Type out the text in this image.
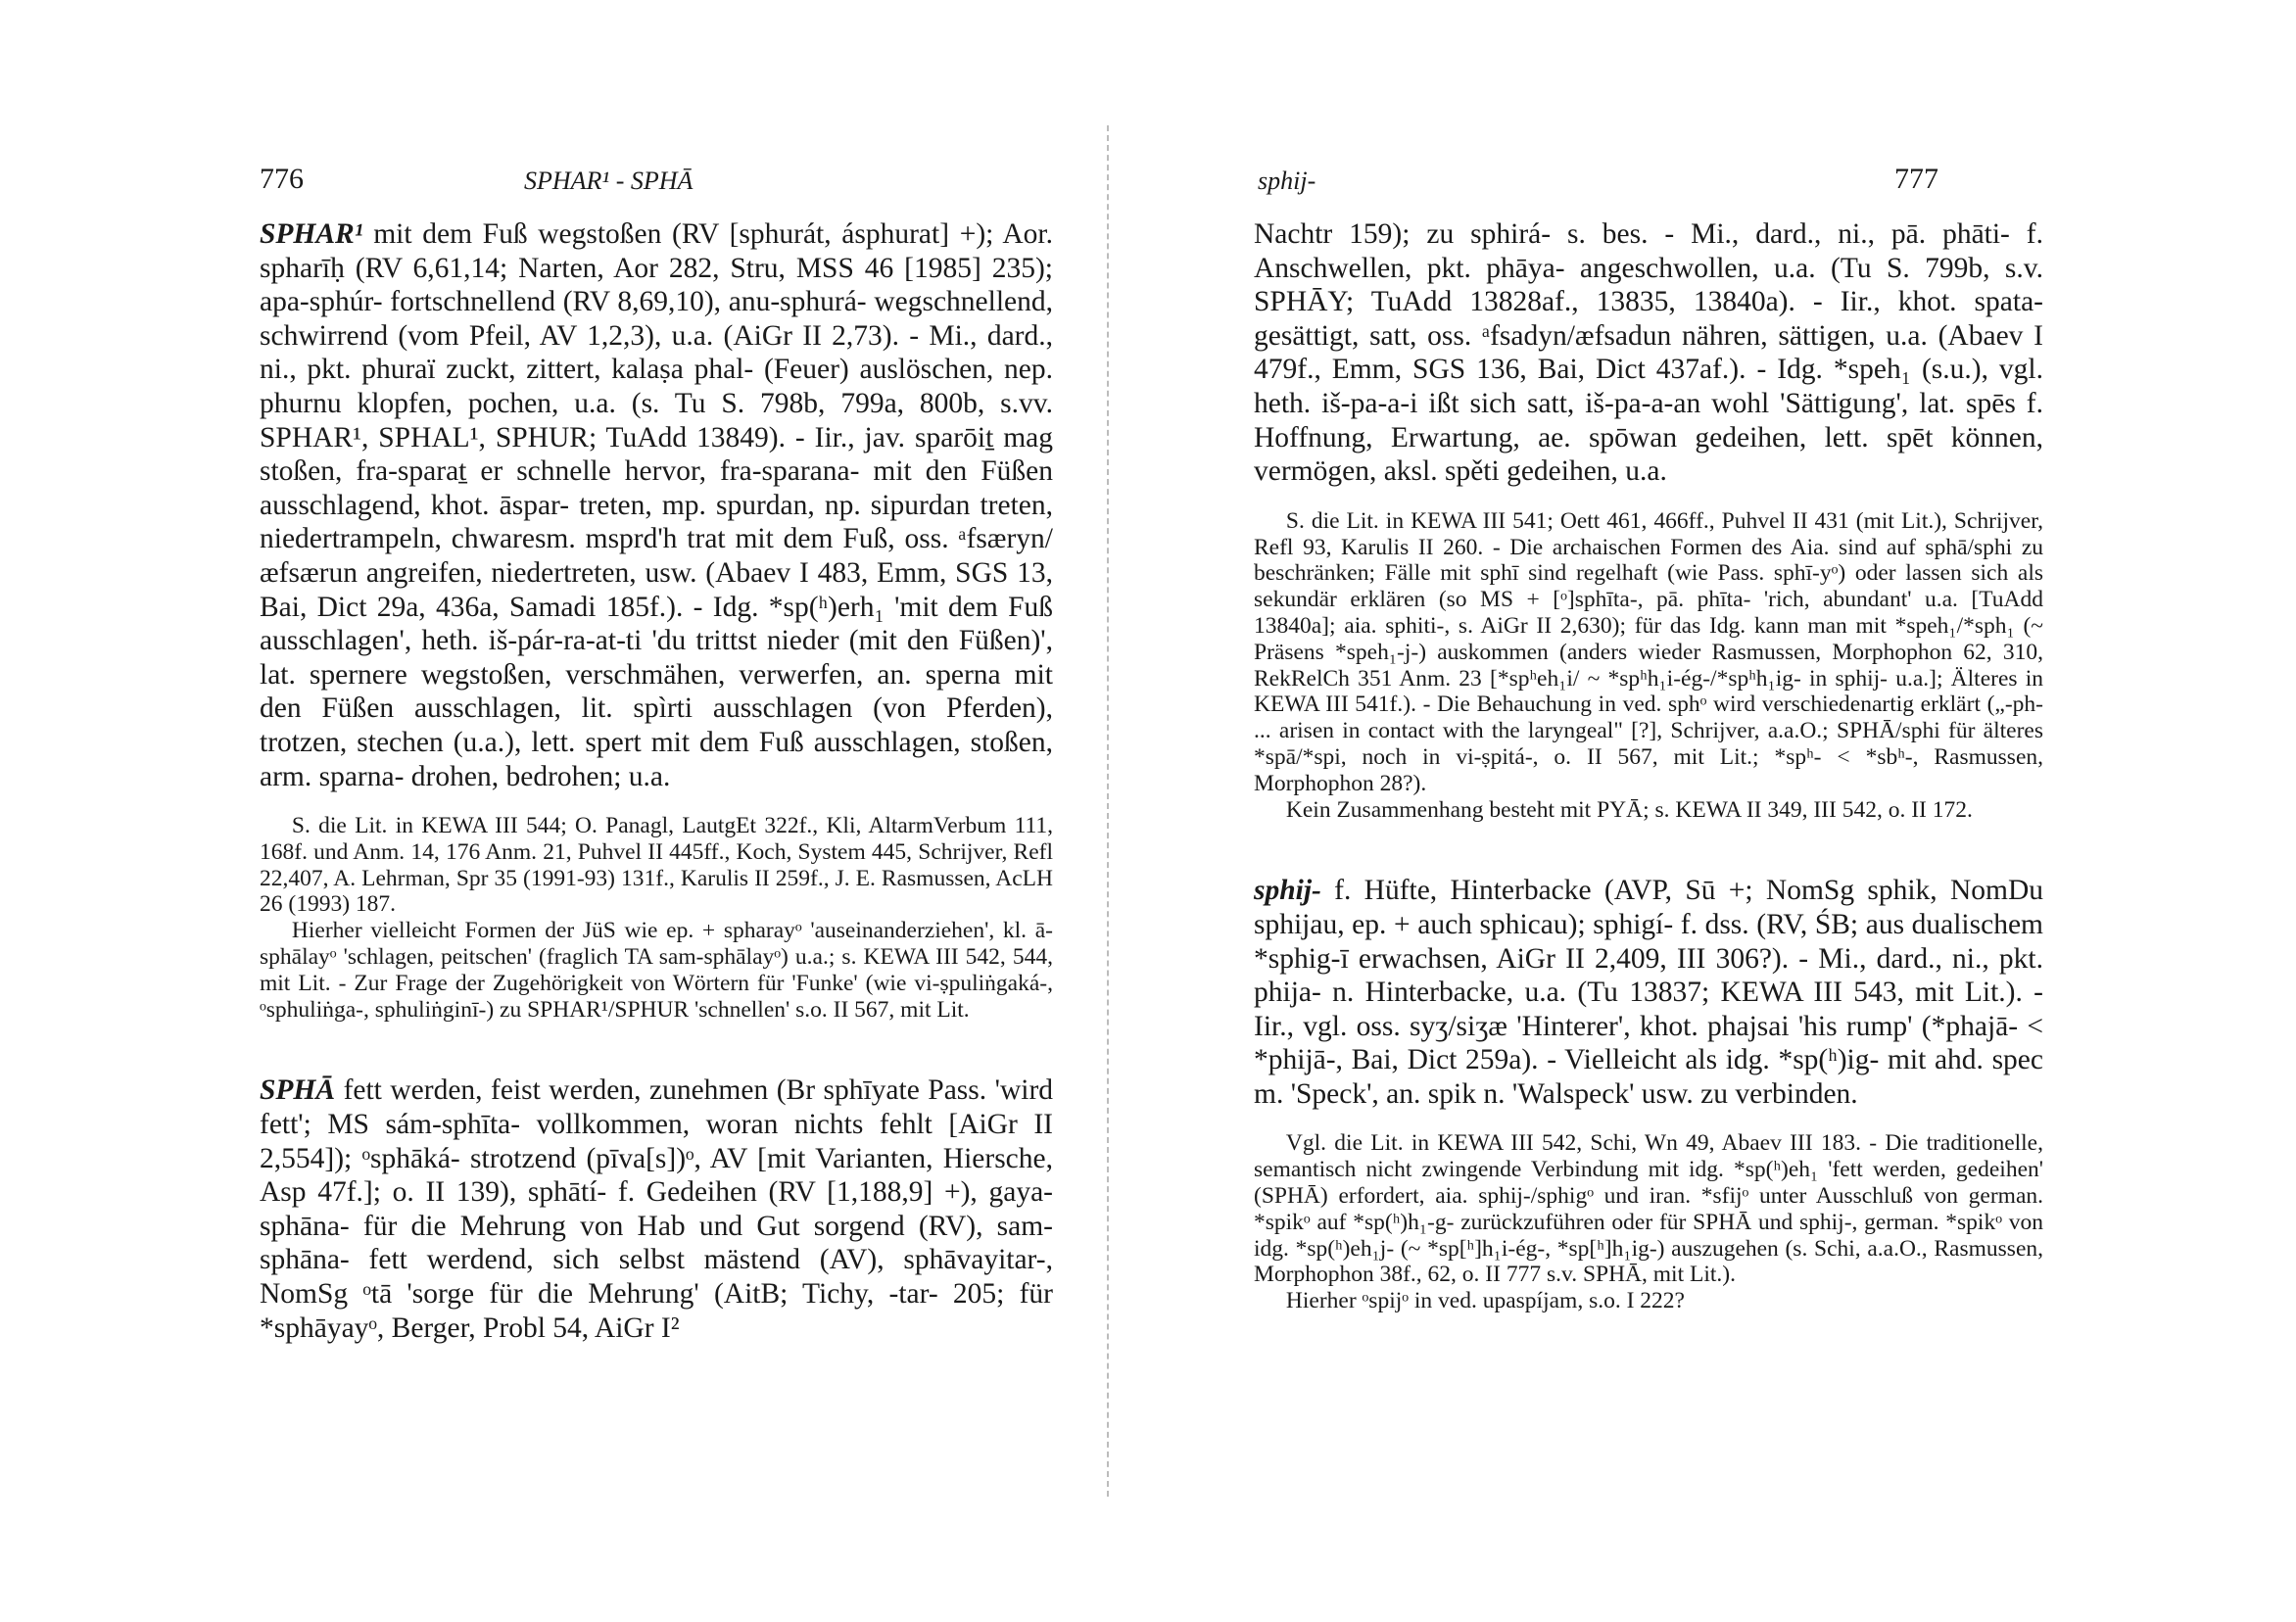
776	SPHAR¹ - SPHĀ

SPHAR¹ mit dem Fuß wegstoßen (RV [sphurát, ásphurat] +); Aor. spharīḥ (RV 6,61,14; Narten, Aor 282, Stru, MSS 46 [1985] 235); apa-sphúr- fortschnellend (RV 8,69,10), anu-sphurá- wegschnellend, schwirrend (vom Pfeil, AV 1,2,3), u.a. (AiGr II 2,73). - Mi., dard., ni., pkt. phuraï zuckt, zittert, kalaṣa phal- (Feuer) auslöschen, nep. phurnu klopfen, pochen, u.a. (s. Tu S. 798b, 799a, 800b, s.vv. SPHAR¹, SPHAL¹, SPHUR; TuAdd 13849). - Iir., jav. sparōiṯ mag stoßen, fra-sparaṯ er schnelle hervor, fra-sparana- mit den Füßen ausschlagend, khot. āspar- treten, mp. spurdan, np. sipurdan treten, niedertrampeln, chwaresm. msprd'h trat mit dem Fuß, oss. ᵃfsæryn/æfsærun angreifen, niedertreten, usw. (Abaev I 483, Emm, SGS 13, Bai, Dict 29a, 436a, Samadi 185f.). - Idg. *sp(ʰ)erh₁ 'mit dem Fuß ausschlagen', heth. iš-pár-ra-at-ti 'du trittst nieder (mit den Füßen)', lat. spernere wegstoßen, verschmähen, verwerfen, an. sperna mit den Füßen ausschlagen, lit. spìrti ausschlagen (von Pferden), trotzen, stechen (u.a.), lett. spert mit dem Fuß ausschlagen, stoßen, arm. sparna- drohen, bedrohen; u.a.

S. die Lit. in KEWA III 544; O. Panagl, LautgEt 322f., Kli, AltarmVerbum 111, 168f. und Anm. 14, 176 Anm. 21, Puhvel II 445ff., Koch, System 445, Schrijver, Refl 22,407, A. Lehrman, Spr 35 (1991-93) 131f., Karulis II 259f., J. E. Rasmussen, AcLH 26 (1993) 187.

Hierher vielleicht Formen der JüS wie ep. + spharayᵒ 'auseinanderziehen', kl. ā-sphālayᵒ 'schlagen, peitschen' (fraglich TA sam-sphālayᵒ) u.a.; s. KEWA III 542, 544, mit Lit. - Zur Frage der Zugehörigkeit von Wörtern für 'Funke' (wie vi-ṣpuliṅgaká-, ᵒsphuliṅga-, sphuliṅginī-) zu SPHAR¹/SPHUR 'schnellen' s.o. II 567, mit Lit.

SPHĀ fett werden, feist werden, zunehmen (Br sphīyate Pass. 'wird fett'; MS sám-sphīta- vollkommen, woran nichts fehlt [AiGr II 2,554]); ᵒsphāká- strotzend (pīva[s])ᵒ, AV [mit Varianten, Hiersche, Asp 47f.]; o. II 139), sphātí- f. Gedeihen (RV [1,188,9] +), gaya-sphāna- für die Mehrung von Hab und Gut sorgend (RV), sam-sphāna- fett werdend, sich selbst mästend (AV), sphāvayitar-, NomSg ᵒtā 'sorge für die Mehrung' (AitB; Tichy, -tar- 205; für *sphāyayᵒ, Berger, Probl 54, AiGr I²

sphij-	777

Nachtr 159); zu sphirá- s. bes. - Mi., dard., ni., pā. phāti- f. Anschwellen, pkt. phāya- angeschwollen, u.a. (Tu S. 799b, s.v. SPHĀY; TuAdd 13828af., 13835, 13840a). - Iir., khot. spata- gesättigt, satt, oss. ᵃfsadyn/æfsadun nähren, sättigen, u.a. (Abaev I 479f., Emm, SGS 136, Bai, Dict 437af.). - Idg. *speh₁ (s.u.), vgl. heth. iš-pa-a-i ißt sich satt, iš-pa-a-an wohl 'Sättigung', lat. spēs f. Hoffnung, Erwartung, ae. spōwan gedeihen, lett. spēt können, vermögen, aksl. spěti gedeihen, u.a.

S. die Lit. in KEWA III 541; Oett 461, 466ff., Puhvel II 431 (mit Lit.), Schrijver, Refl 93, Karulis II 260. - Die archaischen Formen des Aia. sind auf sphā/sphi zu beschränken; Fälle mit sphī sind regelhaft (wie Pass. sphī-yᵒ) oder lassen sich als sekundär erklären (so MS + [ᵒ]sphīta-, pā. phīta- 'rich, abundant' u.a. [TuAdd 13840a]; aia. sphiti-, s. AiGr II 2,630); für das Idg. kann man mit *speh₁/*sph₁ (~ Präsens *speh₁-j-) auskommen (anders wieder Rasmussen, Morphophon 62, 310, RekRelCh 351 Anm. 23 [*spʰeh₁i/ ~ *spʰh₁i-ég-/*spʰh₁ig- in sphij- u.a.]; Älteres in KEWA III 541f.). - Die Behauchung in ved. sphᵒ wird verschiedenartig erklärt („-ph- ... arisen in contact with the laryngeal" [?], Schrijver, a.a.O.; SPHĀ/sphi für älteres *spā/*spi, noch in vi-ṣpitá-, o. II 567, mit Lit.; *spʰ- < *sbʰ-, Rasmussen, Morphophon 28?).

Kein Zusammenhang besteht mit PYĀ; s. KEWA II 349, III 542, o. II 172.

sphij- f. Hüfte, Hinterbacke (AVP, Sū +; NomSg sphik, NomDu sphijau, ep. + auch sphicau); sphigí- f. dss. (RV, ŚB; aus dualischem *sphig-ī erwachsen, AiGr II 2,409, III 306?). - Mi., dard., ni., pkt. phija- n. Hinterbacke, u.a. (Tu 13837; KEWA III 543, mit Lit.). - Iir., vgl. oss. syʒ/siʒæ 'Hinterer', khot. phajsai 'his rump' (*phajā- < *phijā-, Bai, Dict 259a). - Vielleicht als idg. *sp(ʰ)ig- mit ahd. spec m. 'Speck', an. spik n. 'Walspeck' usw. zu verbinden.

Vgl. die Lit. in KEWA III 542, Schi, Wn 49, Abaev III 183. - Die traditionelle, semantisch nicht zwingende Verbindung mit idg. *sp(ʰ)eh₁ 'fett werden, gedeihen' (SPHĀ) erfordert, aia. sphij-/sphigᵒ und iran. *sfijᵒ unter Ausschluß von german. *spikᵒ auf *sp(ʰ)h₁-g- zurückzuführen oder für SPHĀ und sphij-, german. *spikᵒ von idg. *sp(ʰ)eh₁j- (~ *sp[ʰ]h₁i-ég-, *sp[ʰ]h₁ig-) auszugehen (s. Schi, a.a.O., Rasmussen, Morphophon 38f., 62, o. II 777 s.v. SPHĀ, mit Lit.).

Hierher ᵒspijᵒ in ved. upaspíjam, s.o. I 222?
